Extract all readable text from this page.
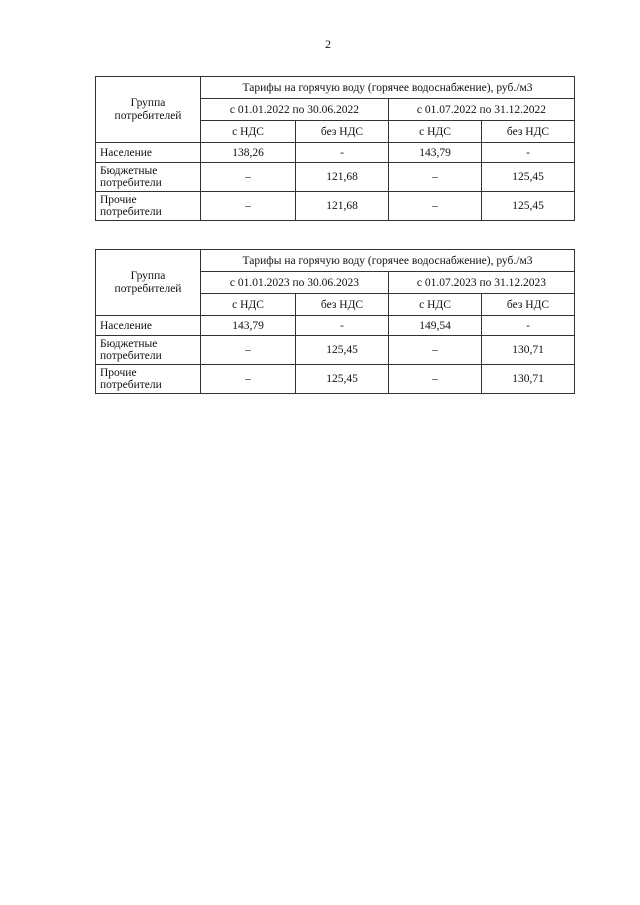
2
Группа потребителей	Тарифы на горячую воду (горячее водоснабжение), руб./м3			
	с 01.01.2022 по 30.06.2022		с 01.07.2022 по 31.12.2022	
	с НДС	без НДС	с НДС	без НДС
Население	138,26	-	143,79	-
Бюджетные потребители	–	121,68	–	125,45
Прочие потребители	–	121,68	–	125,45
Группа потребителей	Тарифы на горячую воду (горячее водоснабжение), руб./м3			
	с 01.01.2023 по 30.06.2023		с 01.07.2023 по 31.12.2023	
	с НДС	без НДС	с НДС	без НДС
Население	143,79	-	149,54	-
Бюджетные потребители	–	125,45	–	130,71
Прочие потребители	–	125,45	–	130,71
